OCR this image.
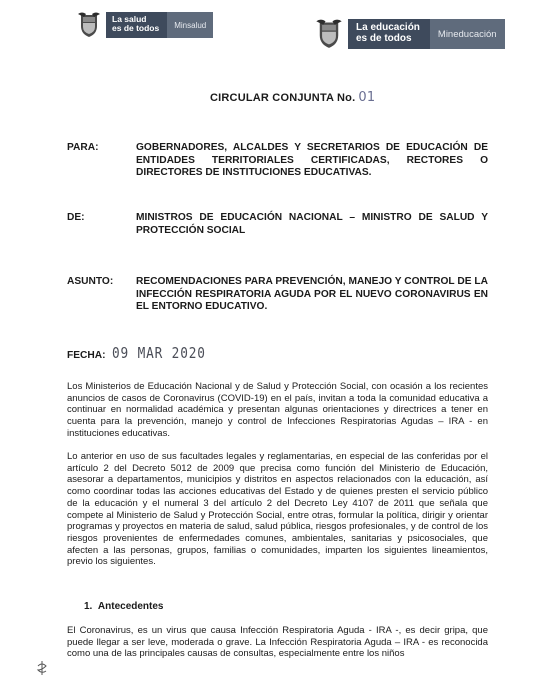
La salud
es de todos	Minsalud	La educación
es de todos	Mineducación
CIRCULAR CONJUNTA No. 01
PARA:	GOBERNADORES, ALCALDES Y SECRETARIOS DE EDUCACIÓN DE ENTIDADES TERRITORIALES CERTIFICADAS, RECTORES O DIRECTORES DE INSTITUCIONES EDUCATIVAS.
DE:	MINISTROS DE EDUCACIÓN NACIONAL – MINISTRO DE SALUD Y PROTECCIÓN SOCIAL
ASUNTO: RECOMENDACIONES PARA PREVENCIÓN, MANEJO Y CONTROL DE LA INFECCIÓN RESPIRATORIA AGUDA POR EL NUEVO CORONAVIRUS EN EL ENTORNO EDUCATIVO.
FECHA: 09 MAR 2020
Los Ministerios de Educación Nacional y de Salud y Protección Social, con ocasión a los recientes anuncios de casos de Coronavirus (COVID-19) en el país, invitan a toda la comunidad educativa a continuar en normalidad académica y presentan algunas orientaciones y directrices a tener en cuenta para la prevención, manejo y control de Infecciones Respiratorias Agudas – IRA - en instituciones educativas.
Lo anterior en uso de sus facultades legales y reglamentarias, en especial de las conferidas por el artículo 2 del Decreto 5012 de 2009 que precisa como función del Ministerio de Educación, asesorar a departamentos, municipios y distritos en aspectos relacionados con la educación, así como coordinar todas las acciones educativas del Estado y de quienes presten el servicio público de la educación y el numeral 3 del artículo 2 del Decreto Ley 4107 de 2011 que señala que compete al Ministerio de Salud y Protección Social, entre otras, formular la política, dirigir y orientar programas y proyectos en materia de salud, salud pública, riesgos profesionales, y de control de los riesgos provenientes de enfermedades comunes, ambientales, sanitarias y psicosociales, que afecten a las personas, grupos, familias o comunidades, imparten los siguientes lineamientos, previo los siguientes.
1. Antecedentes
El Coronavirus, es un virus que causa Infección Respiratoria Aguda - IRA -, es decir gripa, que puede llegar a ser leve, moderada o grave. La Infección Respiratoria Aguda – IRA - es reconocida como una de las principales causas de consultas, especialmente entre los niños
